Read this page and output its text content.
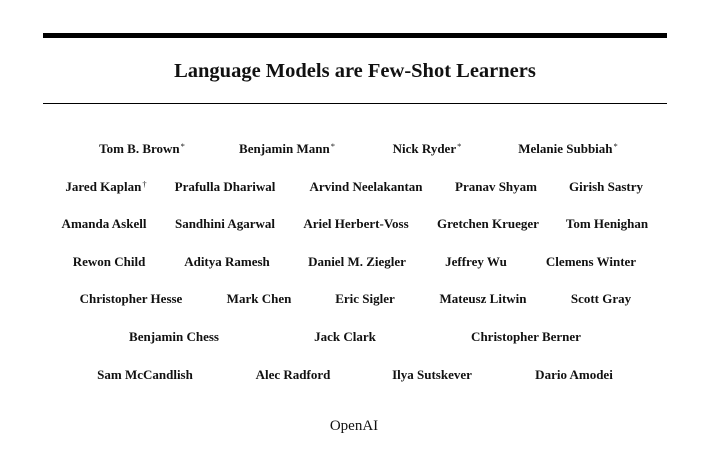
Language Models are Few-Shot Learners
Tom B. Brown*	Benjamin Mann*	Nick Ryder*	Melanie Subbiah*
Jared Kaplan† Prafulla Dhariwal	Arvind Neelakantan Pranav Shyam Girish Sastry
Amanda Askell Sandhini Agarwal Ariel Herbert-Voss Gretchen Krueger Tom Henighan
Rewon Child	Aditya Ramesh	Daniel M. Ziegler	Jeffrey Wu	Clemens Winter
Christopher Hesse	Mark Chen	Eric Sigler	Mateusz Litwin	Scott Gray
Benjamin Chess	Jack Clark	Christopher Berner
Sam McCandlish	Alec Radford	Ilya Sutskever	Dario Amodei

OpenAI
